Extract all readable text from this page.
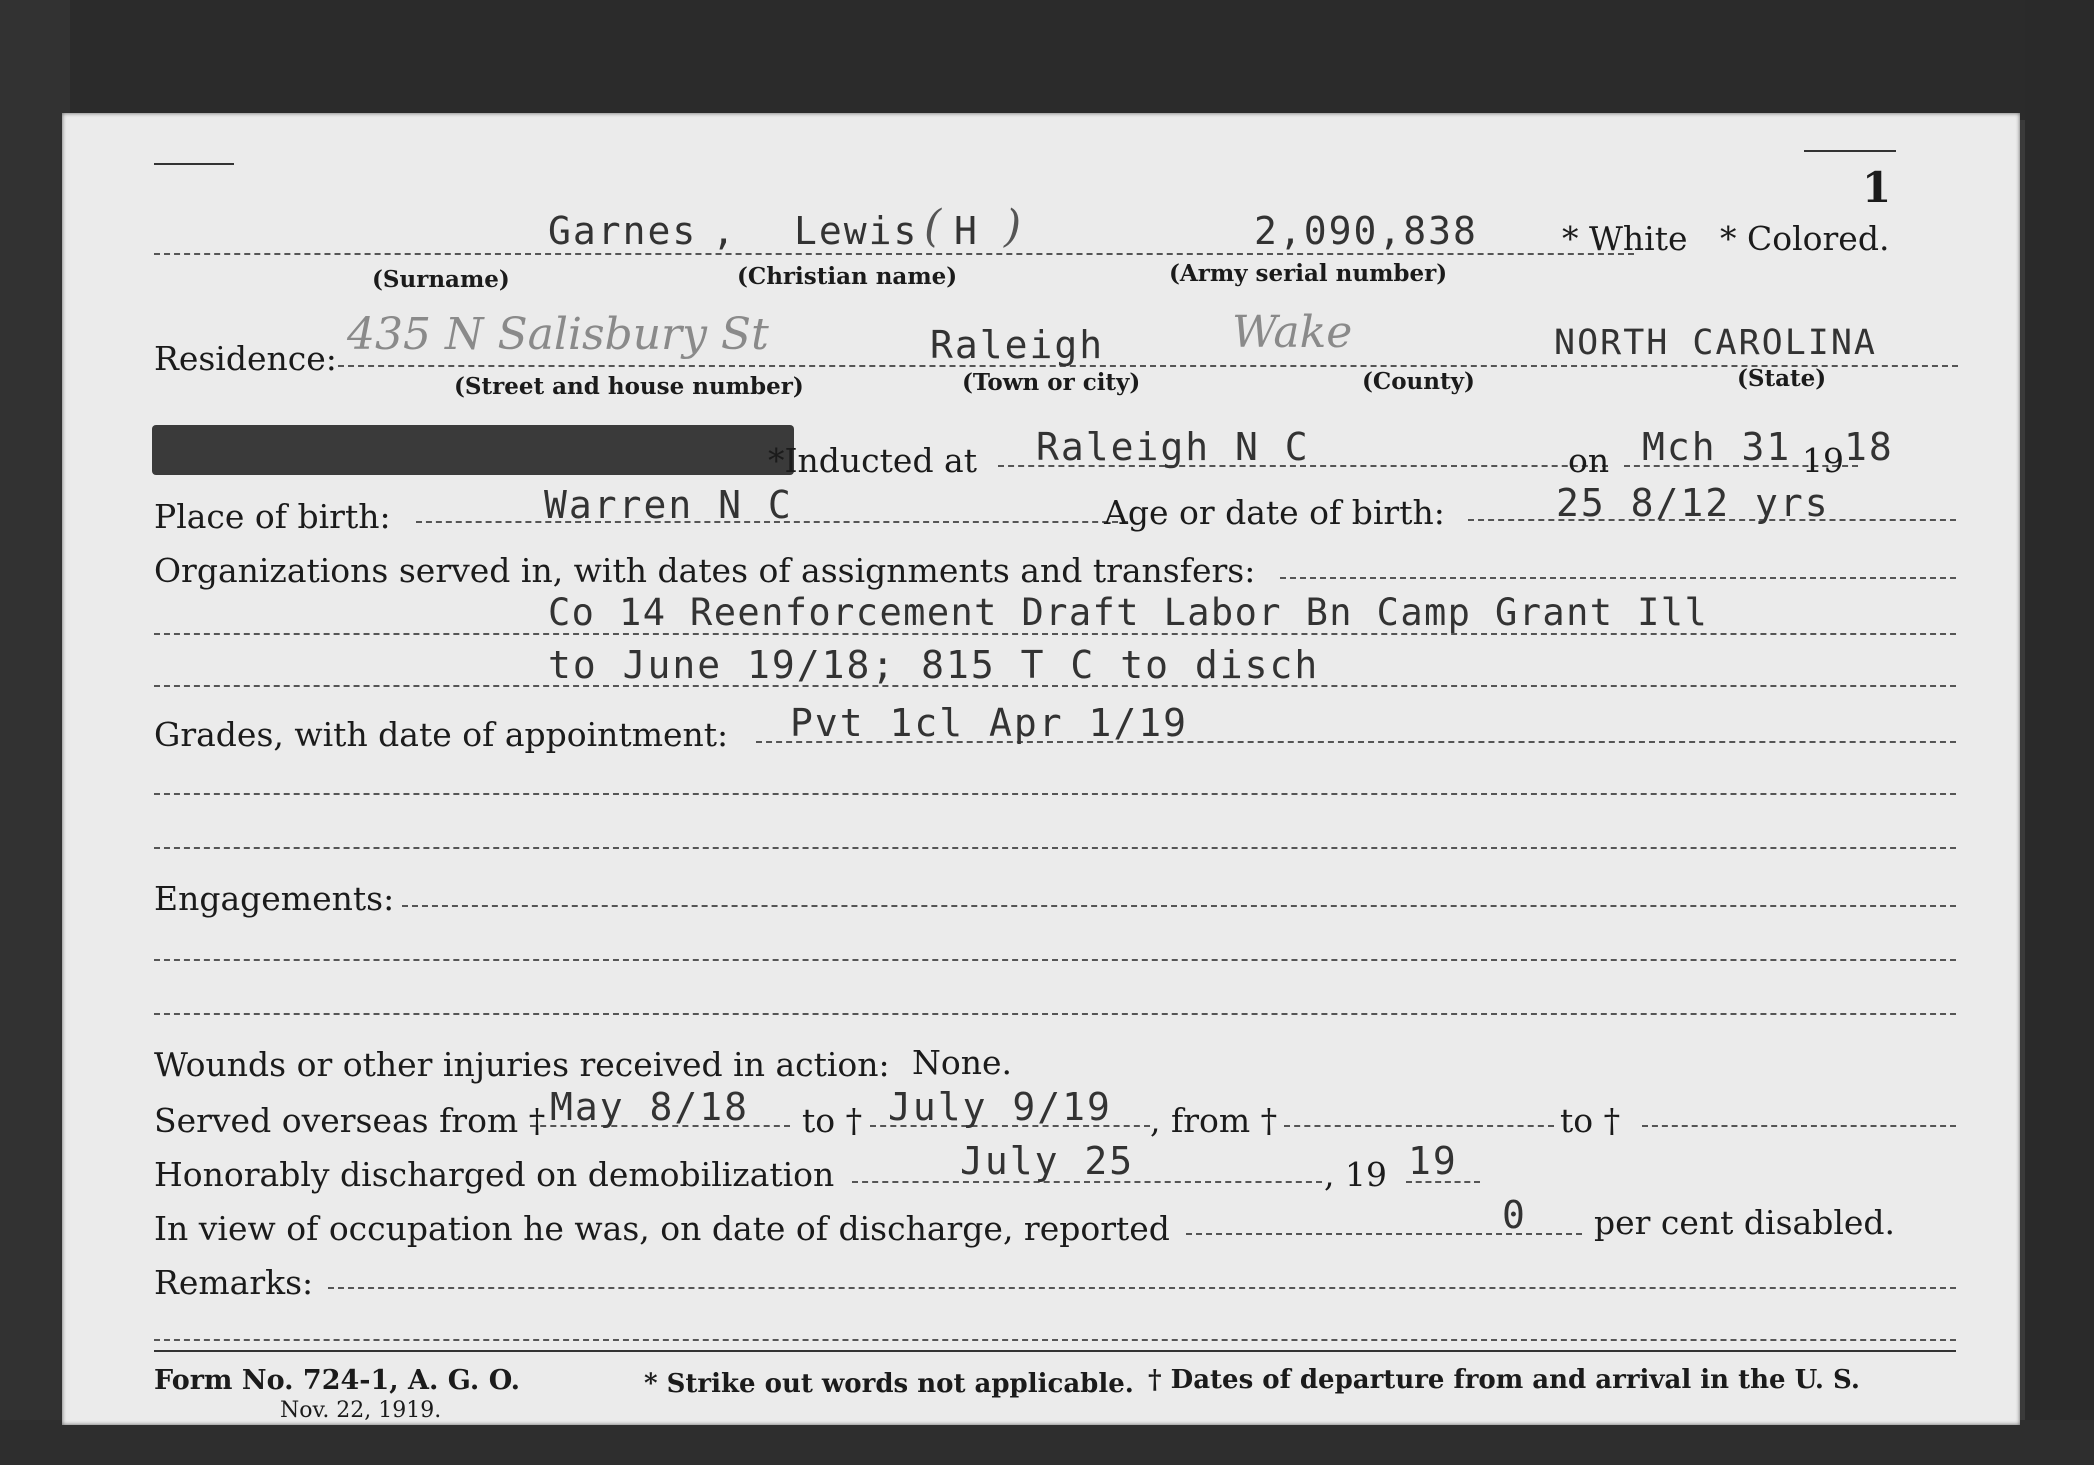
1
Garnes , Lewis ( H )	2,090,838	* White * Colored.
(Surname)	(Christian name)	(Army serial number)
Residence: 435 N Salisbury St	Raleigh	Wake	NORTH CAROLINA
(Street and house number)	(Town or city)	(County)	(State)
*Inducted at Raleigh N C	on Mch 31 19 18
Place of birth:	Warren N C	Age or date of birth:	25 8/12 yrs
Organizations served in, with dates of assignments and transfers:
Co 14 Reenforcement Draft Labor Bn Camp Grant Ill
to June 19/18; 815 T C to disch
Grades, with date of appointment: Pvt 1cl Apr 1/19
Engagements:
Wounds or other injuries received in action: None.
Served overseas from † May 8/18 to † July 9/19 , from †	to †
Honorably discharged on demobilization	July 25	, 19 19
In view of occupation he was, on date of discharge, reported	0 per cent disabled.
Remarks:
Form No. 724-1, A. G. O.
Nov. 22, 1919.
* Strike out words not applicable. † Dates of departure from and arrival in the U. S.
